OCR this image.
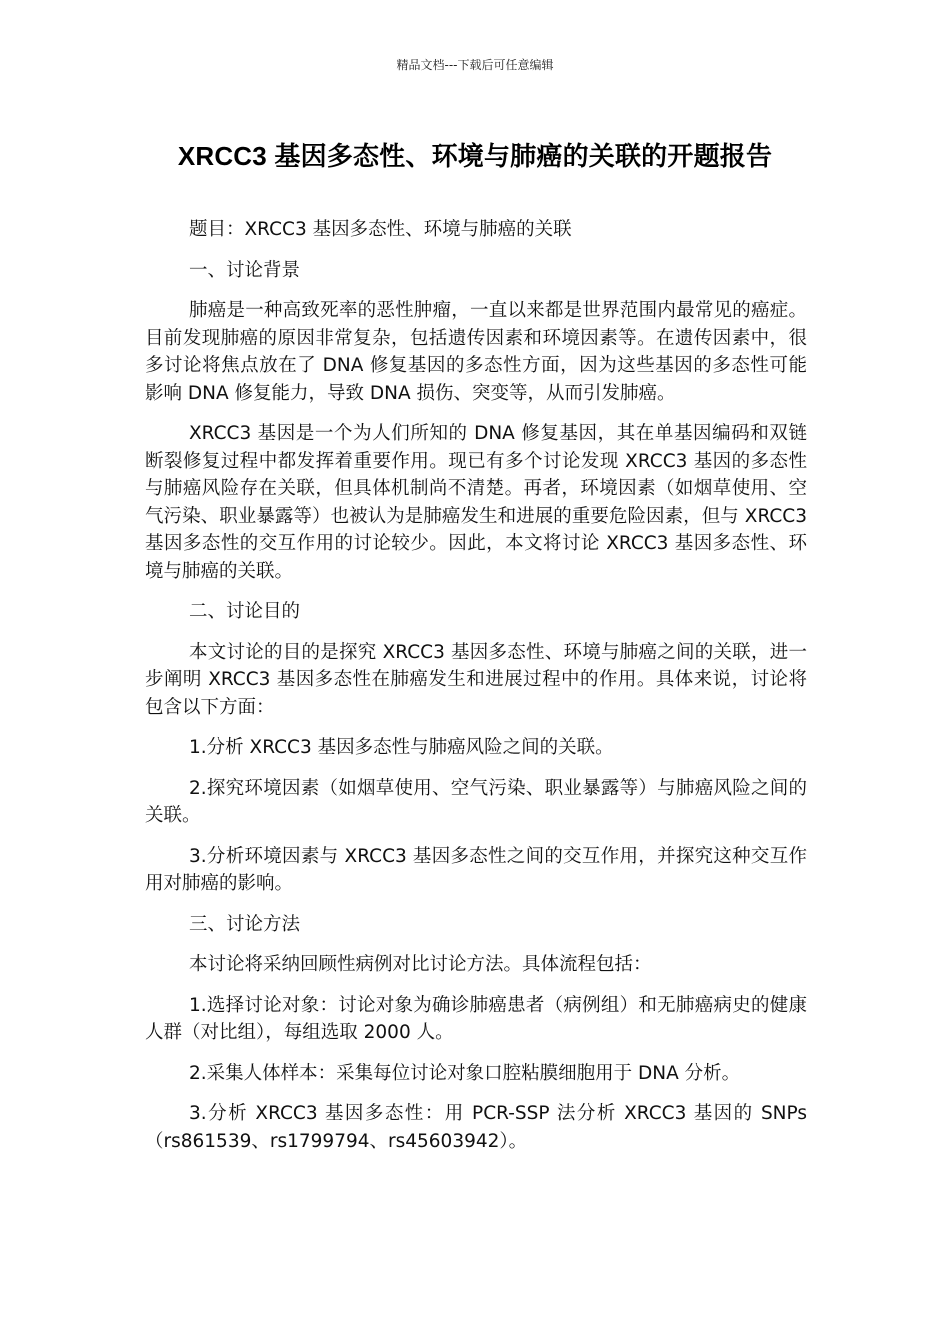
精品文档---下载后可任意编辑

XRCC3 基因多态性、环境与肺癌的关联的开题报告

题目：XRCC3 基因多态性、环境与肺癌的关联

一、讨论背景

肺癌是一种高致死率的恶性肿瘤，一直以来都是世界范围内最常见的癌症。目前发现肺癌的原因非常复杂，包括遗传因素和环境因素等。在遗传因素中，很多讨论将焦点放在了 DNA 修复基因的多态性方面，因为这些基因的多态性可能影响 DNA 修复能力，导致 DNA 损伤、突变等，从而引发肺癌。

XRCC3 基因是一个为人们所知的 DNA 修复基因，其在单基因编码和双链断裂修复过程中都发挥着重要作用。现已有多个讨论发现 XRCC3 基因的多态性与肺癌风险存在关联，但具体机制尚不清楚。再者，环境因素（如烟草使用、空气污染、职业暴露等）也被认为是肺癌发生和进展的重要危险因素，但与 XRCC3 基因多态性的交互作用的讨论较少。因此，本文将讨论 XRCC3 基因多态性、环境与肺癌的关联。

二、讨论目的

本文讨论的目的是探究 XRCC3 基因多态性、环境与肺癌之间的关联，进一步阐明 XRCC3 基因多态性在肺癌发生和进展过程中的作用。具体来说，讨论将包含以下方面：

1.分析 XRCC3 基因多态性与肺癌风险之间的关联。

2.探究环境因素（如烟草使用、空气污染、职业暴露等）与肺癌风险之间的关联。

3.分析环境因素与 XRCC3 基因多态性之间的交互作用，并探究这种交互作用对肺癌的影响。

三、讨论方法

本讨论将采纳回顾性病例对比讨论方法。具体流程包括：

1.选择讨论对象：讨论对象为确诊肺癌患者（病例组）和无肺癌病史的健康人群（对比组），每组选取 2000 人。

2.采集人体样本：采集每位讨论对象口腔粘膜细胞用于 DNA 分析。

3.分析 XRCC3 基因多态性：用 PCR-SSP 法分析 XRCC3 基因的 SNPs（rs861539、rs1799794、rs45603942）。
